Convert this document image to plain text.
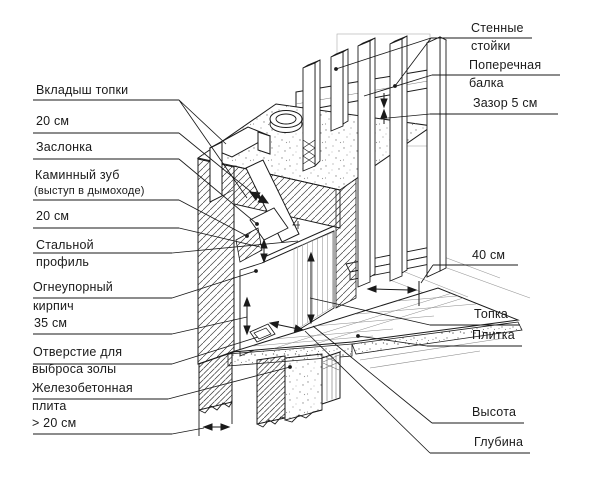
Вкладыш топки
20 см
Заслонка
Каминный зуб
(выступ в дымоходе)
20 см
Стальной
профиль
Огнеупорный
кирпич
35 см
Отверстие для
выброса золы
Железобетонная
плита
> 20 см
Стенные
стойки
Поперечная
балка
Зазор 5 см
40 см
Топка
Плитка
Высота
Глубина
